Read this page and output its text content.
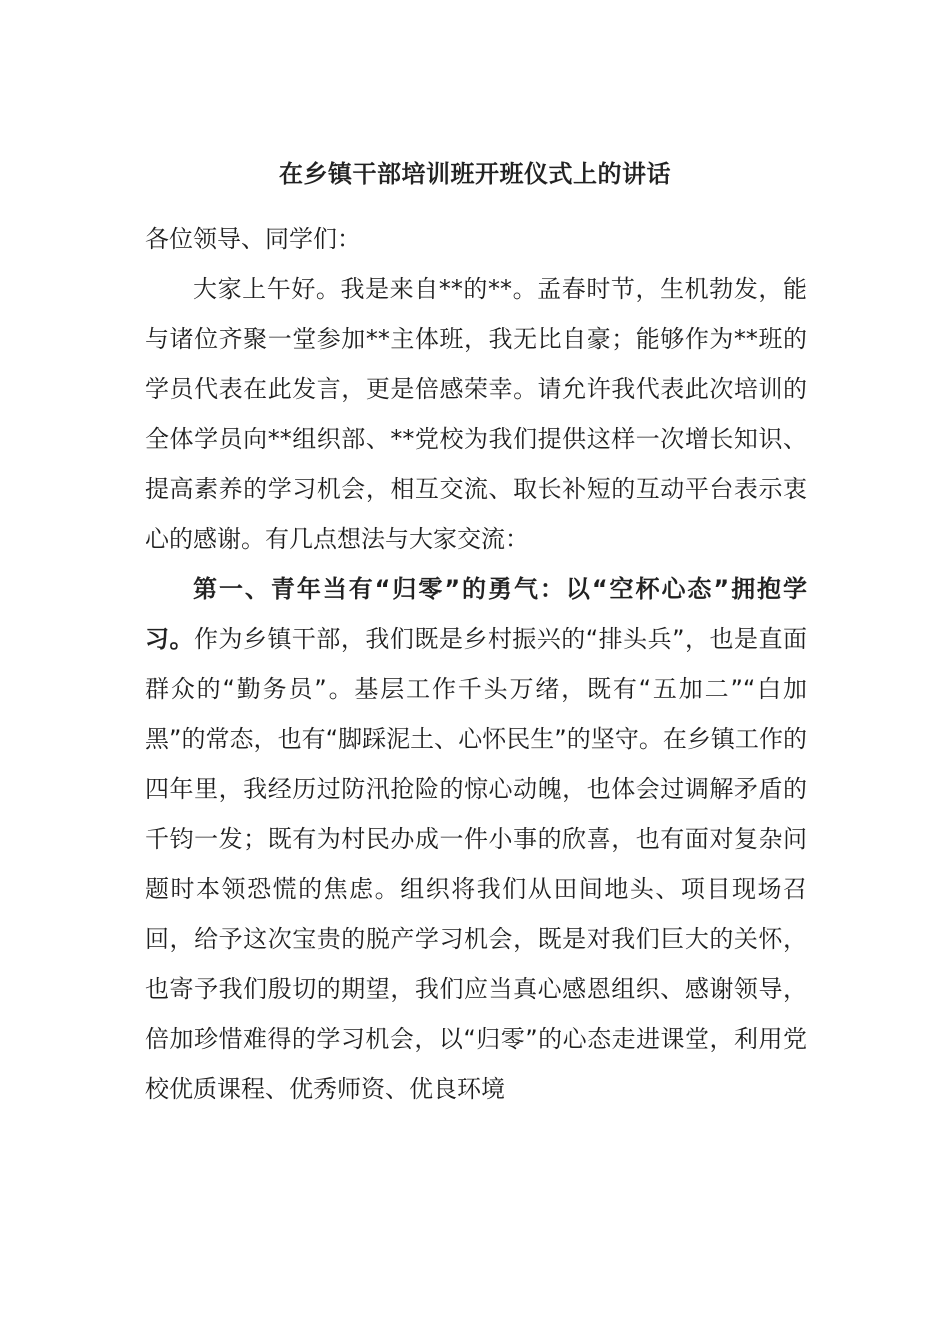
在乡镇干部培训班开班仪式上的讲话

各位领导、同学们：

大家上午好。我是来自**的**。孟春时节，生机勃发，能与诸位齐聚一堂参加**主体班，我无比自豪；能够作为**班的学员代表在此发言，更是倍感荣幸。请允许我代表此次培训的全体学员向**组织部、**党校为我们提供这样一次增长知识、提高素养的学习机会，相互交流、取长补短的互动平台表示衷心的感谢。有几点想法与大家交流：

第一、青年当有“归零”的勇气：以“空杯心态”拥抱学习。作为乡镇干部，我们既是乡村振兴的“排头兵”，也是直面群众的“勤务员”。基层工作千头万绪，既有“五加二”“白加黑”的常态，也有“脚踩泥土、心怀民生”的坚守。在乡镇工作的四年里，我经历过防汛抢险的惊心动魄，也体会过调解矛盾的千钧一发；既有为村民办成一件小事的欣喜，也有面对复杂问题时本领恐慌的焦虑。组织将我们从田间地头、项目现场召回，给予这次宝贵的脱产学习机会，既是对我们巨大的关怀，也寄予我们殷切的期望，我们应当真心感恩组织、感谢领导，倍加珍惜难得的学习机会，以“归零”的心态走进课堂，利用党校优质课程、优秀师资、优良环境
